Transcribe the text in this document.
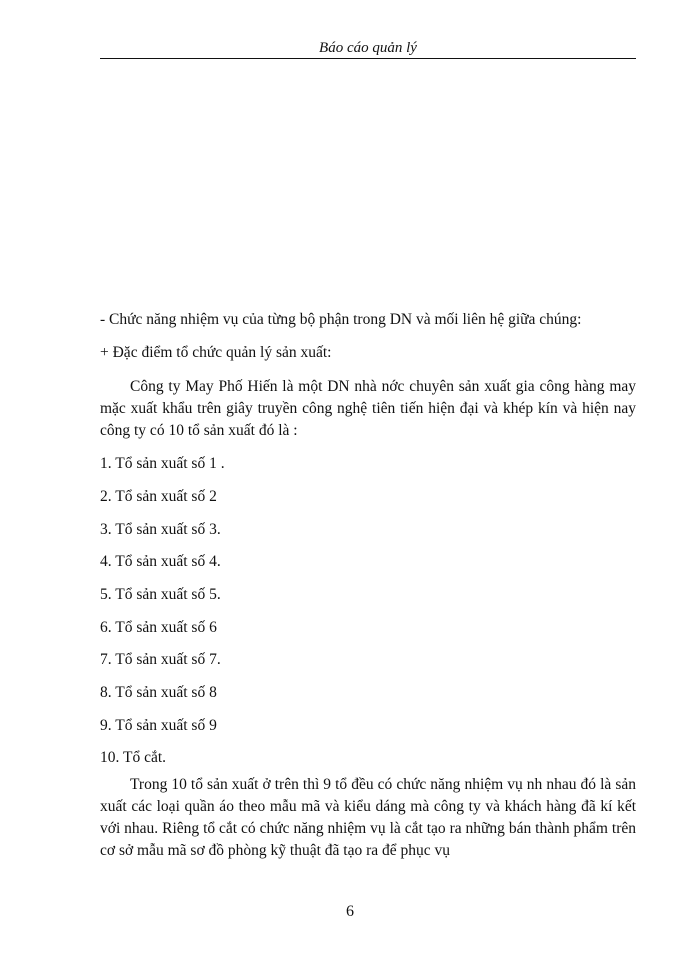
Báo cáo quản lý
- Chức năng nhiệm vụ của từng bộ phận trong DN và mối liên hệ giữa chúng:
+ Đặc điểm tổ chức quản lý sản xuất:
Công ty May Phố Hiến là một DN nhà nớc chuyên sản xuất gia công hàng may mặc xuất khẩu trên giây truyền công nghệ tiên tiến hiện đại và khép kín và hiện nay công ty có 10 tổ sản xuất đó là :
1. Tổ sản xuất số 1 .
2. Tổ sản xuất số 2
3. Tổ sản xuất số 3.
4. Tổ sản xuất số 4.
5. Tổ sản xuất số 5.
6. Tổ sản xuất số 6
7. Tổ sản xuất số 7.
8. Tổ sản xuất số 8
9. Tổ sản xuất số 9
10. Tổ cắt.
Trong 10 tổ sản xuất ở trên thì 9 tổ đều có chức năng nhiệm vụ nh nhau đó là sản xuất các loại quần áo theo mẫu mã và kiểu dáng mà công ty và khách hàng đã kí kết với nhau. Riêng tổ cắt có chức năng nhiệm vụ là cắt tạo ra những bán thành phẩm trên cơ sở mẫu mã sơ đồ phòng kỹ thuật đã tạo ra để phục vụ
6
